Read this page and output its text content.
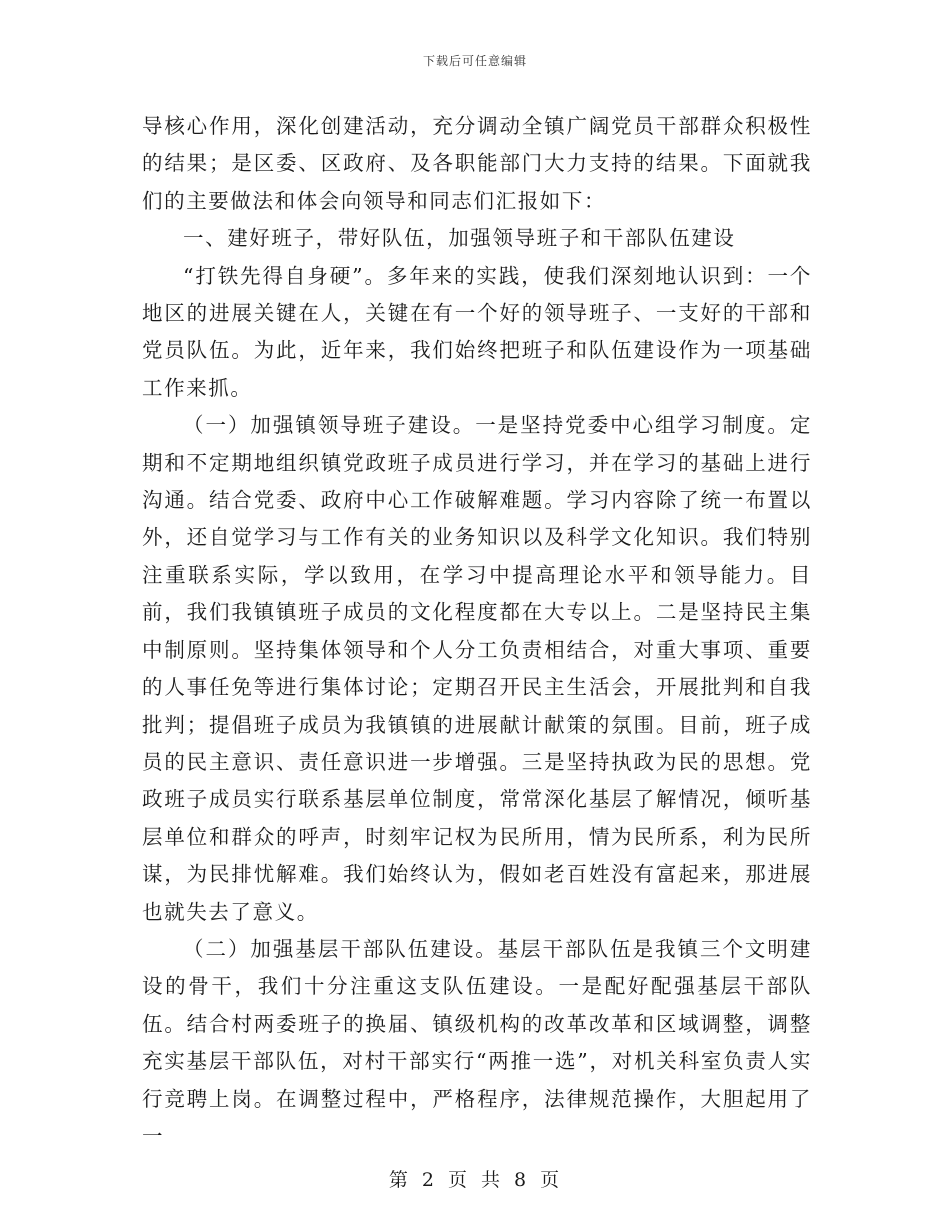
下载后可任意编辑

导核心作用，深化创建活动，充分调动全镇广阔党员干部群众积极性的结果；是区委、区政府、及各职能部门大力支持的结果。下面就我们的主要做法和体会向领导和同志们汇报如下：

一、建好班子，带好队伍，加强领导班子和干部队伍建设

“打铁先得自身硬”。多年来的实践，使我们深刻地认识到：一个地区的进展关键在人，关键在有一个好的领导班子、一支好的干部和党员队伍。为此，近年来，我们始终把班子和队伍建设作为一项基础工作来抓。

（一）加强镇领导班子建设。一是坚持党委中心组学习制度。定期和不定期地组织镇党政班子成员进行学习，并在学习的基础上进行沟通。结合党委、政府中心工作破解难题。学习内容除了统一布置以外，还自觉学习与工作有关的业务知识以及科学文化知识。我们特别注重联系实际，学以致用，在学习中提高理论水平和领导能力。目前，我们我镇镇班子成员的文化程度都在大专以上。二是坚持民主集中制原则。坚持集体领导和个人分工负责相结合，对重大事项、重要的人事任免等进行集体讨论；定期召开民主生活会，开展批判和自我批判；提倡班子成员为我镇镇的进展献计献策的氛围。目前，班子成员的民主意识、责任意识进一步增强。三是坚持执政为民的思想。党政班子成员实行联系基层单位制度，常常深化基层了解情况，倾听基层单位和群众的呼声，时刻牢记权为民所用，情为民所系，利为民所谋，为民排忧解难。我们始终认为，假如老百姓没有富起来，那进展也就失去了意义。

（二）加强基层干部队伍建设。基层干部队伍是我镇三个文明建设的骨干，我们十分注重这支队伍建设。一是配好配强基层干部队伍。结合村两委班子的换届、镇级机构的改革改革和区域调整，调整充实基层干部队伍，对村干部实行“两推一选”，对机关科室负责人实行竞聘上岗。在调整过程中，严格程序，法律规范操作，大胆起用了一

第 2 页 共 8 页
